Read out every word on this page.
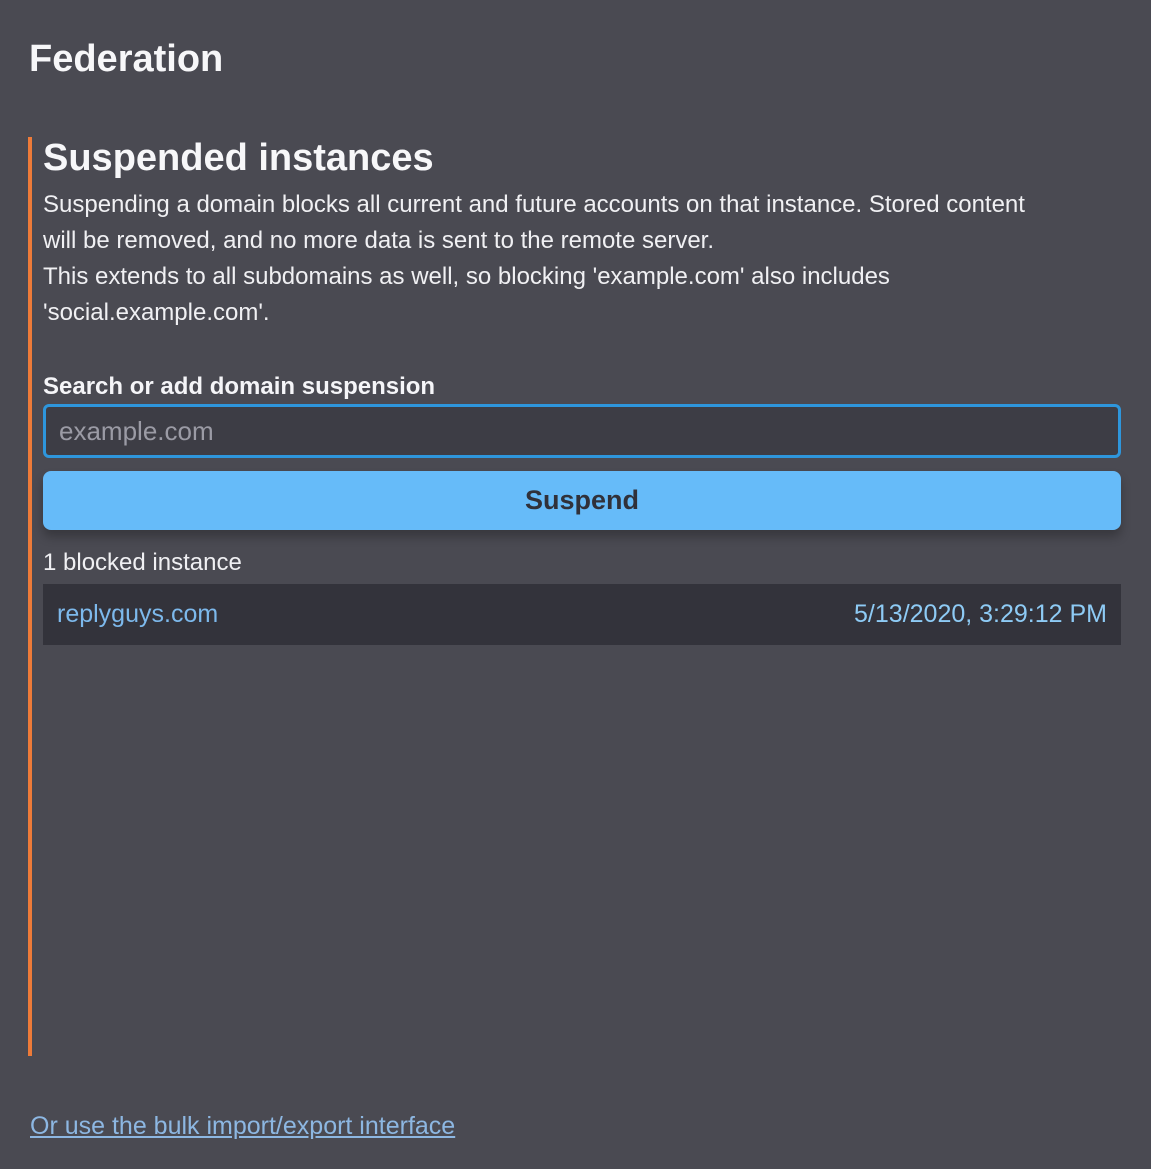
Federation
Suspended instances
Suspending a domain blocks all current and future accounts on that instance. Stored content
will be removed, and no more data is sent to the remote server.
This extends to all subdomains as well, so blocking 'example.com' also includes
'social.example.com'.
Search or add domain suspension
example.com
Suspend
1 blocked instance
replyguys.com	5/13/2020, 3:29:12 PM
Or use the bulk import/export interface
